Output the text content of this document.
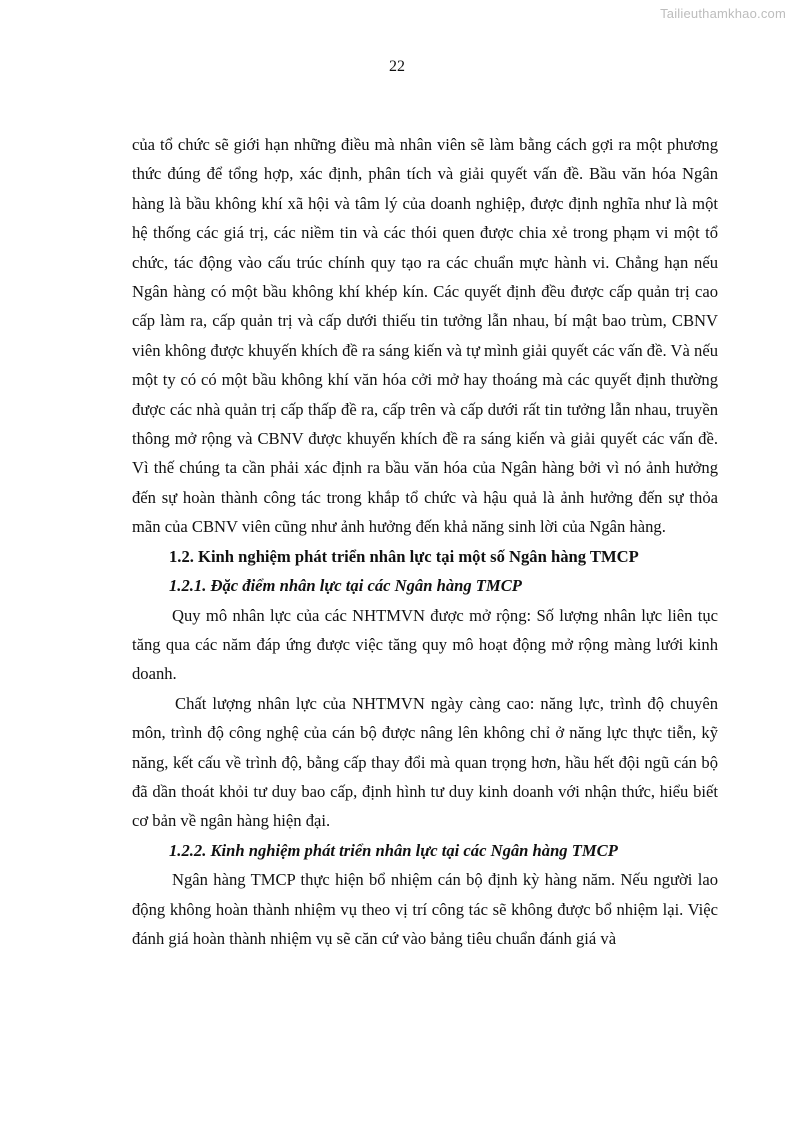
Tailieuthamkhao.com
22

của tổ chức sẽ giới hạn những điều mà nhân viên sẽ làm bằng cách gợi ra một phương thức đúng để tổng hợp, xác định, phân tích và giải quyết vấn đề. Bầu văn hóa Ngân hàng là bầu không khí xã hội và tâm lý của doanh nghiệp, được định nghĩa như là một hệ thống các giá trị, các niềm tin và các thói quen được chia xẻ trong phạm vi một tổ chức, tác động vào cấu trúc chính quy tạo ra các chuẩn mực hành vi. Chẳng hạn nếu Ngân hàng có một bầu không khí khép kín. Các quyết định đều được cấp quản trị cao cấp làm ra, cấp quản trị và cấp dưới thiếu tin tưởng lẫn nhau, bí mật bao trùm, CBNV viên không được khuyến khích đề ra sáng kiến và tự mình giải quyết các vấn đề. Và nếu một ty có có một bầu không khí văn hóa cởi mở hay thoáng mà các quyết định thường được các nhà quản trị cấp thấp đề ra, cấp trên và cấp dưới rất tin tưởng lẫn nhau, truyền thông mở rộng và CBNV được khuyến khích đề ra sáng kiến và giải quyết các vấn đề. Vì thế chúng ta cần phải xác định ra bầu văn hóa của Ngân hàng bởi vì nó ảnh hưởng đến sự hoàn thành công tác trong khắp tổ chức và hậu quả là ảnh hưởng đến sự thỏa mãn của CBNV viên cũng như ảnh hưởng đến khả năng sinh lời của Ngân hàng.

1.2. Kinh nghiệm phát triển nhân lực tại một số Ngân hàng TMCP

1.2.1. Đặc điểm nhân lực tại các Ngân hàng TMCP

Quy mô nhân lực của các NHTMVN được mở rộng: Số lượng nhân lực liên tục tăng qua các năm đáp ứng được việc tăng quy mô hoạt động mở rộng màng lưới kinh doanh.

Chất lượng nhân lực của NHTMVN ngày càng cao: năng lực, trình độ chuyên môn, trình độ công nghệ của cán bộ được nâng lên không chỉ ở năng lực thực tiễn, kỹ năng, kết cấu về trình độ, bằng cấp thay đổi mà quan trọng hơn, hầu hết đội ngũ cán bộ đã dần thoát khỏi tư duy bao cấp, định hình tư duy kinh doanh với nhận thức, hiểu biết cơ bản về ngân hàng hiện đại.

1.2.2. Kinh nghiệm phát triển nhân lực tại các Ngân hàng TMCP

Ngân hàng TMCP thực hiện bổ nhiệm cán bộ định kỳ hàng năm. Nếu người lao động không hoàn thành nhiệm vụ theo vị trí công tác sẽ không được bổ nhiệm lại. Việc đánh giá hoàn thành nhiệm vụ sẽ căn cứ vào bảng tiêu chuẩn đánh giá và
